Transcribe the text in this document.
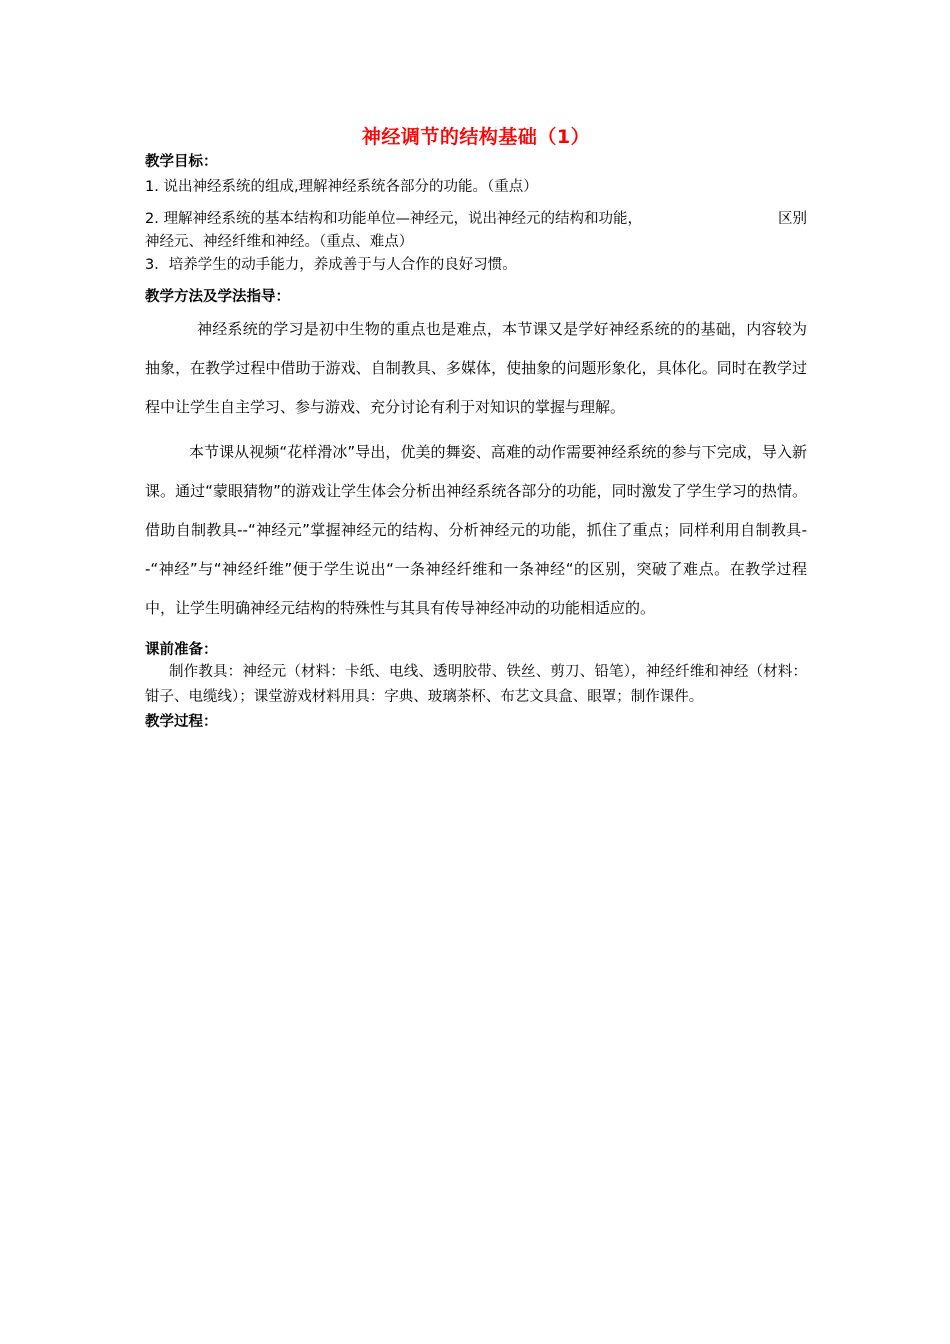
神经调节的结构基础（1）

教学目标：

1. 说出神经系统的组成,理解神经系统各部分的功能。（重点）

2. 理解神经系统的基本结构和功能单位—神经元，说出神经元的结构和功能，	区别

神经元、神经纤维和神经。（重点、难点）

3．培养学生的动手能力，养成善于与人合作的良好习惯。

教学方法及学法指导：

神经系统的学习是初中生物的重点也是难点，本节课又是学好神经系统的的基础，内容较为抽象，在教学过程中借助于游戏、自制教具、多媒体，使抽象的问题形象化，具体化。同时在教学过程中让学生自主学习、参与游戏、充分讨论有利于对知识的掌握与理解。

本节课从视频“花样滑冰”导出，优美的舞姿、高难的动作需要神经系统的参与下完成，导入新课。通过“蒙眼猜物”的游戏让学生体会分析出神经系统各部分的功能，同时激发了学生学习的热情。借助自制教具--“神经元”掌握神经元的结构、分析神经元的功能，抓住了重点；同样利用自制教具--“神经”与“神经纤维”便于学生说出“一条神经纤维和一条神经“的区别，突破了难点。在教学过程中，让学生明确神经元结构的特殊性与其具有传导神经冲动的功能相适应的。

课前准备：

制作教具：神经元（材料：卡纸、电线、透明胶带、铁丝、剪刀、铅笔），神经纤维和神经（材料：钳子、电缆线）；课堂游戏材料用具：字典、玻璃茶杯、布艺文具盒、眼罩；制作课件。

教学过程：
